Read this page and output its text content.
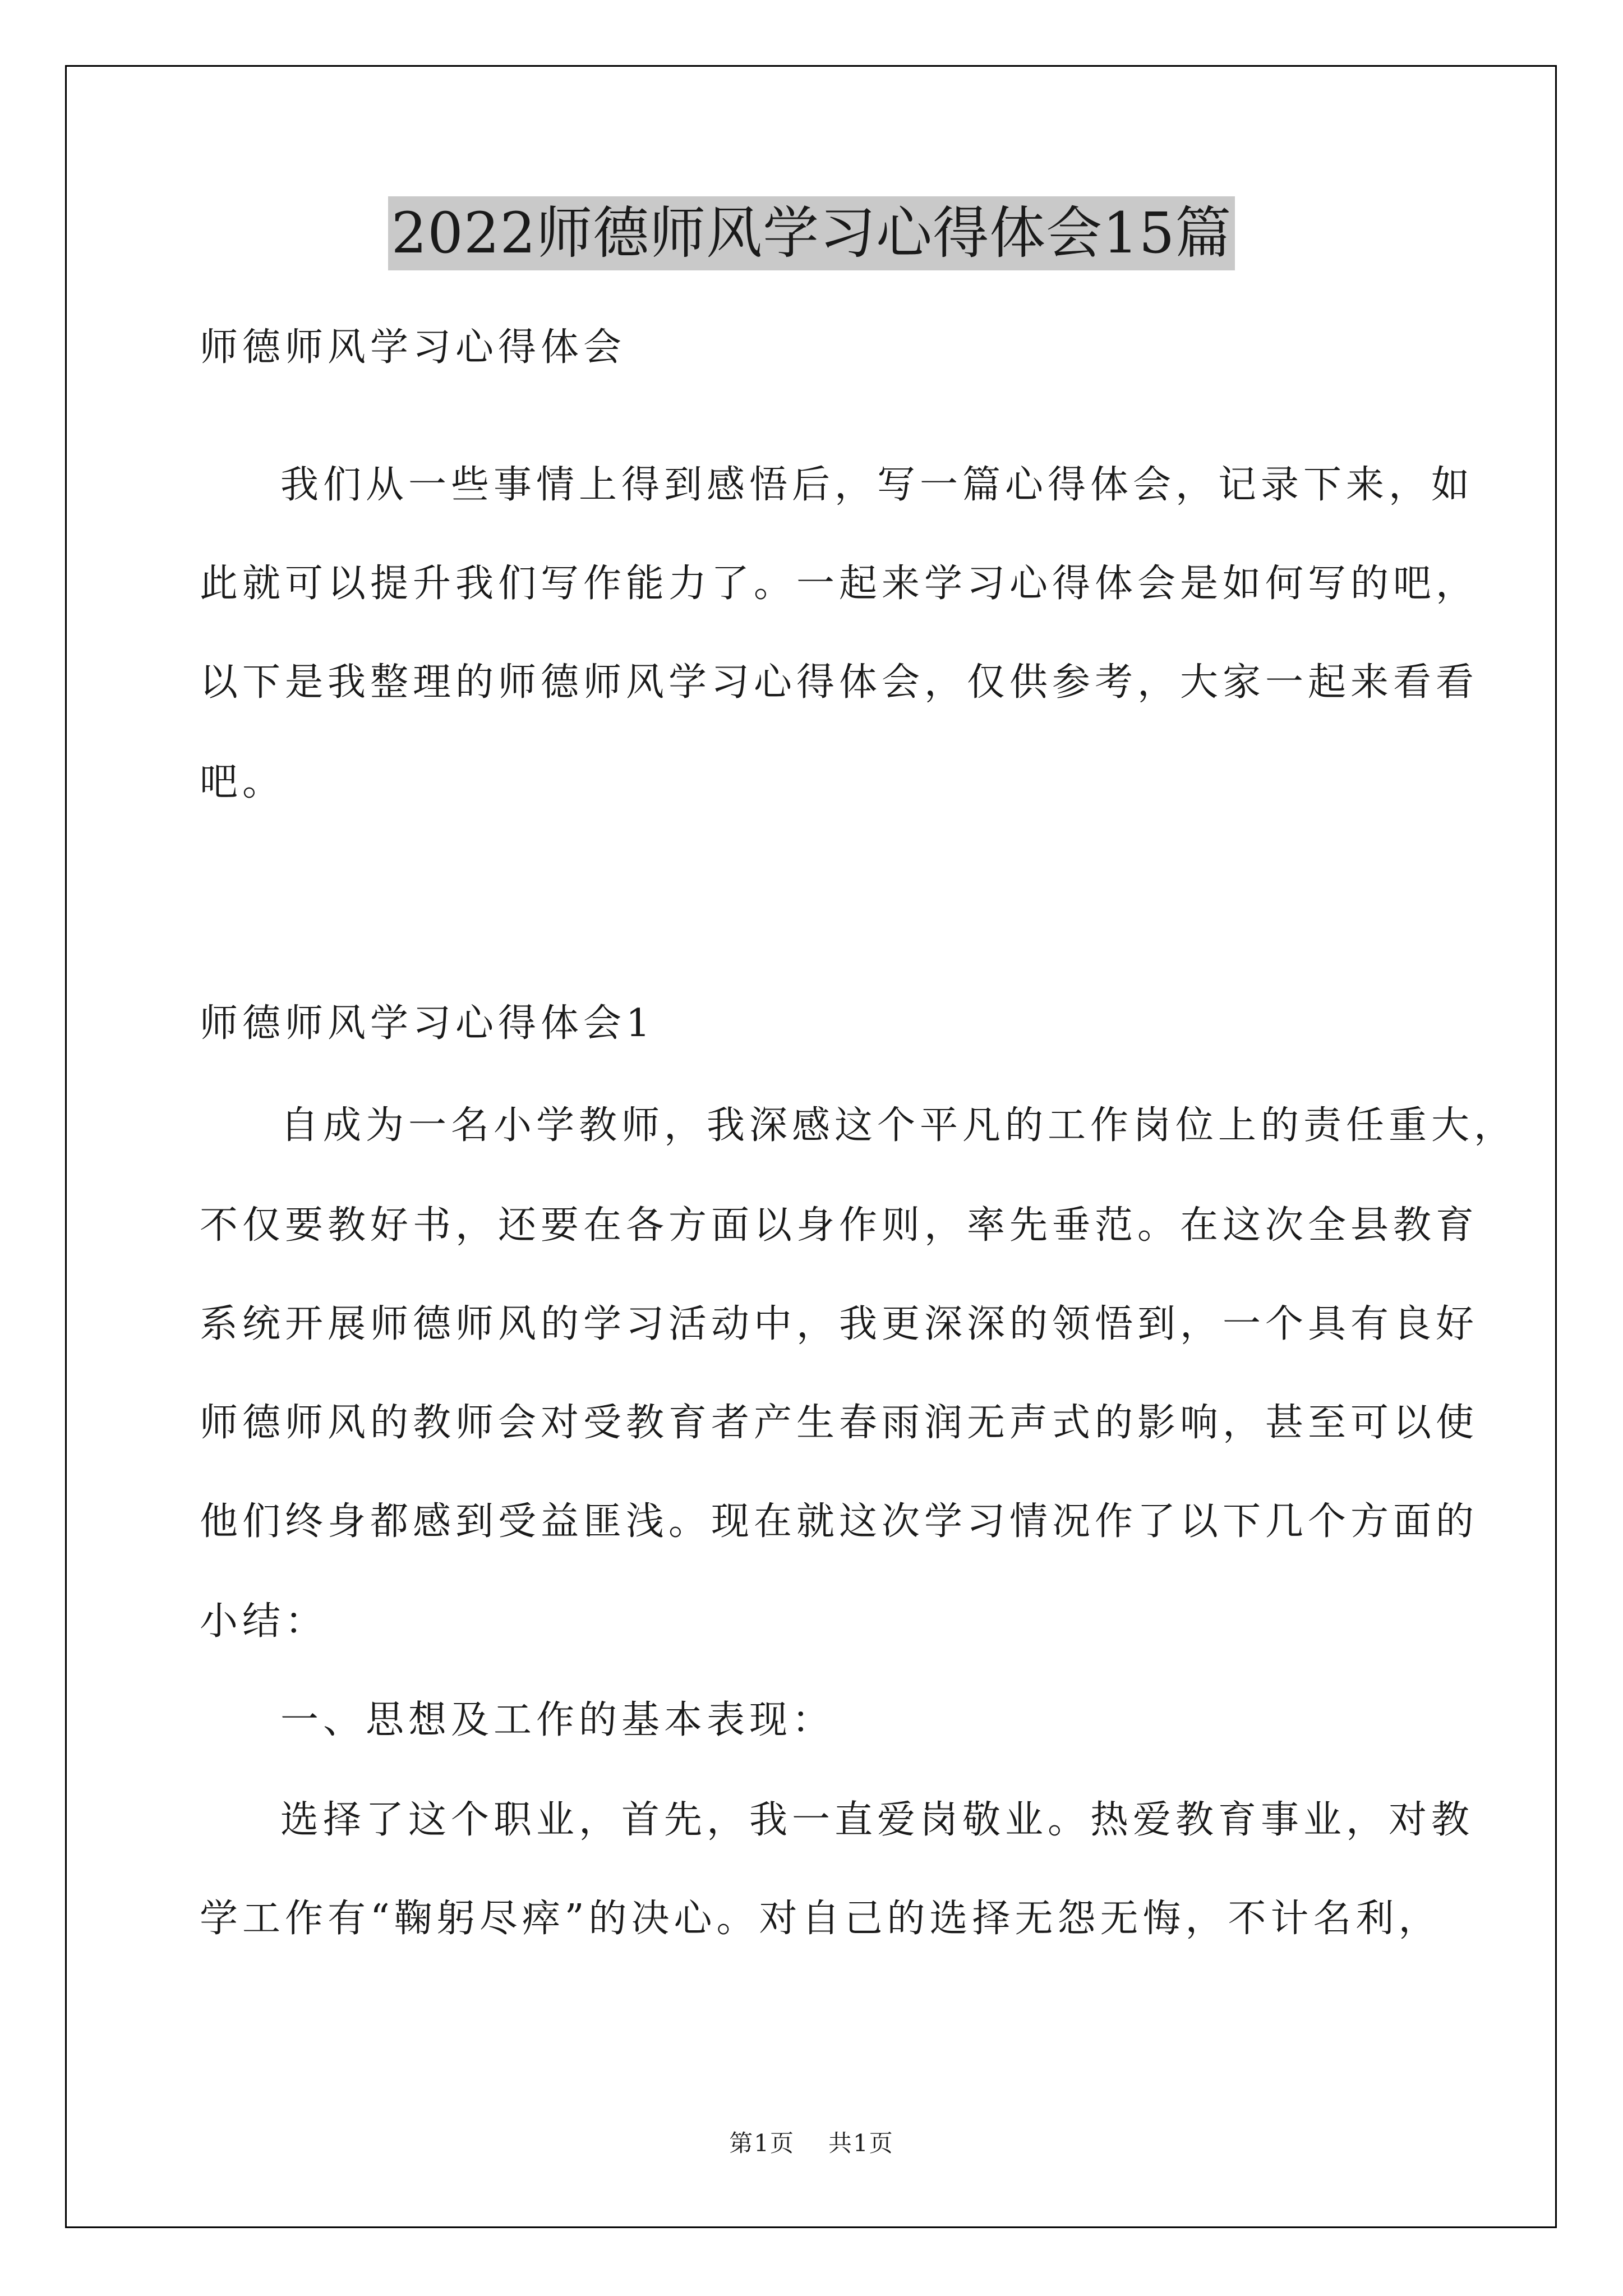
2022师德师风学习心得体会15篇
师德师风学习心得体会
我们从一些事情上得到感悟后，写一篇心得体会，记录下来，如
此就可以提升我们写作能力了。一起来学习心得体会是如何写的吧，
以下是我整理的师德师风学习心得体会，仅供参考，大家一起来看看
吧。
师德师风学习心得体会1
自成为一名小学教师，我深感这个平凡的工作岗位上的责任重大，
不仅要教好书，还要在各方面以身作则，率先垂范。在这次全县教育
系统开展师德师风的学习活动中，我更深深的领悟到，一个具有良好
师德师风的教师会对受教育者产生春雨润无声式的影响，甚至可以使
他们终身都感到受益匪浅。现在就这次学习情况作了以下几个方面的
小结：
一、思想及工作的基本表现：
选择了这个职业，首先，我一直爱岗敬业。热爱教育事业，对教
学工作有“鞠躬尽瘁”的决心。对自己的选择无怨无悔，不计名利，
第1页 共1页
